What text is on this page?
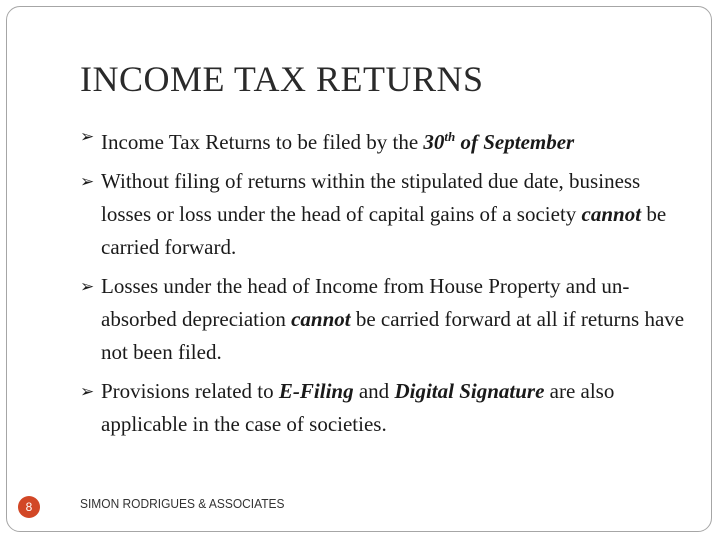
INCOME TAX RETURNS
➢ Income Tax Returns to be filed by the 30th of September
➢ Without filing of returns within the stipulated due date, business losses or loss under the head of capital gains of a society cannot be carried forward.
➢ Losses under the head of Income from House Property and un-absorbed depreciation cannot be carried forward at all if returns have not been filed.
➢ Provisions related to E-Filing and Digital Signature are also applicable in the case of societies.
8	SIMON RODRIGUES & ASSOCIATES
